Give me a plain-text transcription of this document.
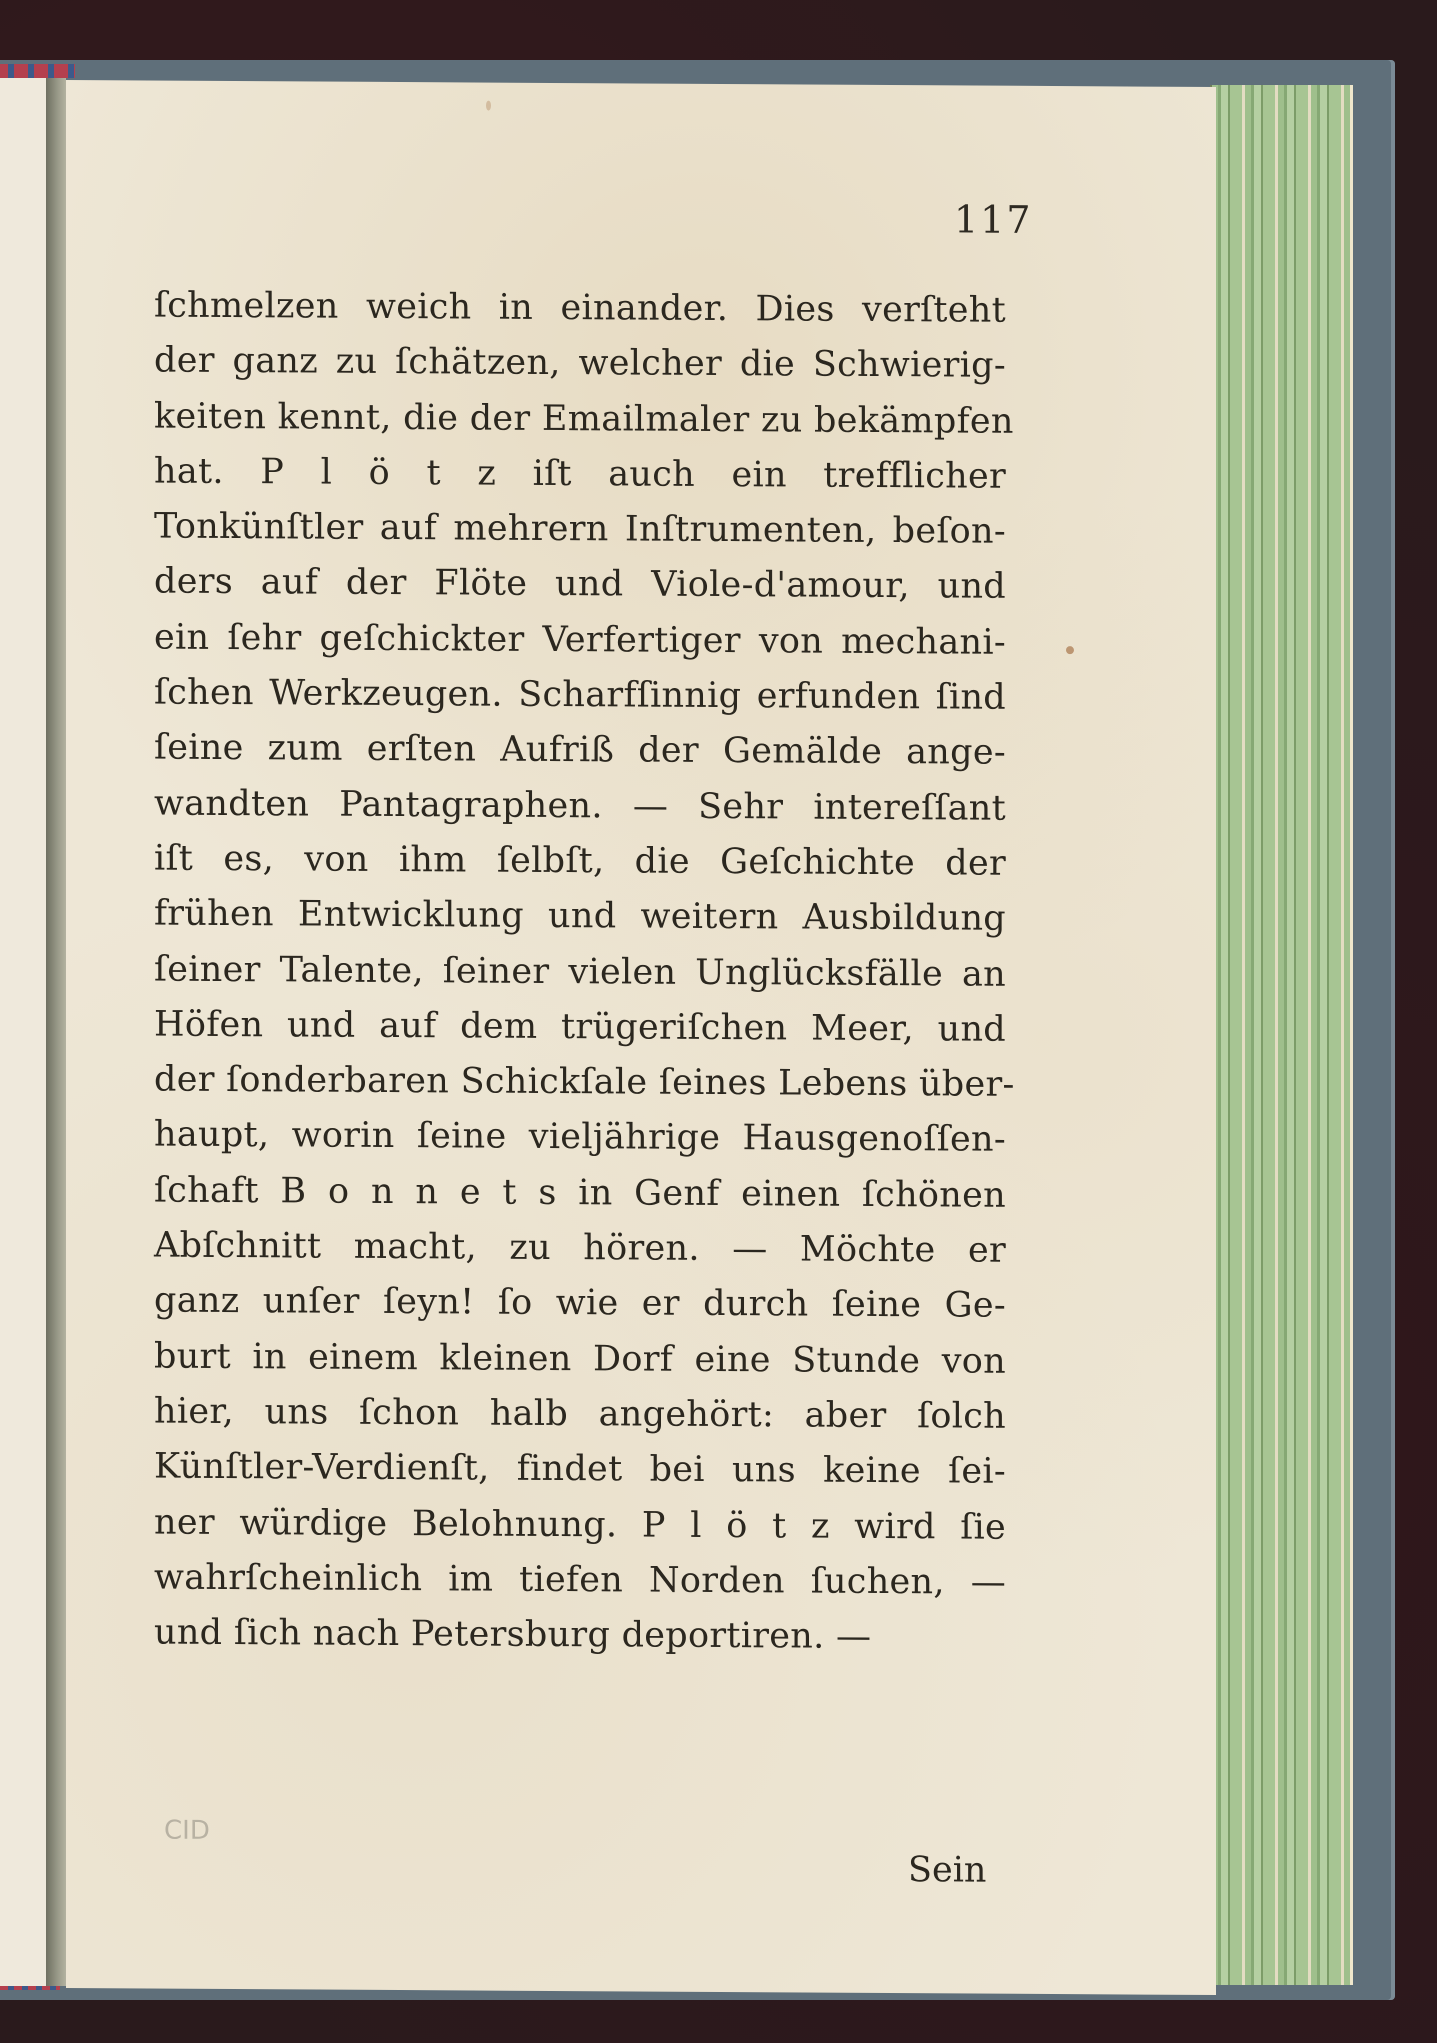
117
ſchmelzen weich in einander. Dies verſteht
der ganz zu ſchätzen, welcher die Schwierig-
keiten kennt, die der Emailmaler zu bekämpfen
hat. P l ö t z iſt auch ein trefflicher
Tonkünſtler auf mehrern Inſtrumenten, beſon-
ders auf der Flöte und Viole-d'amour, und
ein ſehr geſchickter Verfertiger von mechani-
ſchen Werkzeugen. Scharfſinnig erfunden ſind
ſeine zum erſten Aufriß der Gemälde ange-
wandten Pantagraphen. — Sehr intereſſant
iſt es, von ihm ſelbſt, die Geſchichte der
frühen Entwicklung und weitern Ausbildung
ſeiner Talente, ſeiner vielen Unglücksfälle an
Höfen und auf dem trügeriſchen Meer, und
der ſonderbaren Schickſale ſeines Lebens über-
haupt, worin ſeine vieljährige Hausgenoſſen-
ſchaft B o n n e t s in Genf einen ſchönen
Abſchnitt macht, zu hören. — Möchte er
ganz unſer ſeyn! ſo wie er durch ſeine Ge-
burt in einem kleinen Dorf eine Stunde von
hier, uns ſchon halb angehört: aber ſolch
Künſtler-Verdienſt, findet bei uns keine ſei-
ner würdige Belohnung. P l ö t z wird ſie
wahrſcheinlich im tiefen Norden ſuchen, —
und ſich nach Petersburg deportiren. —
CID
Sein
